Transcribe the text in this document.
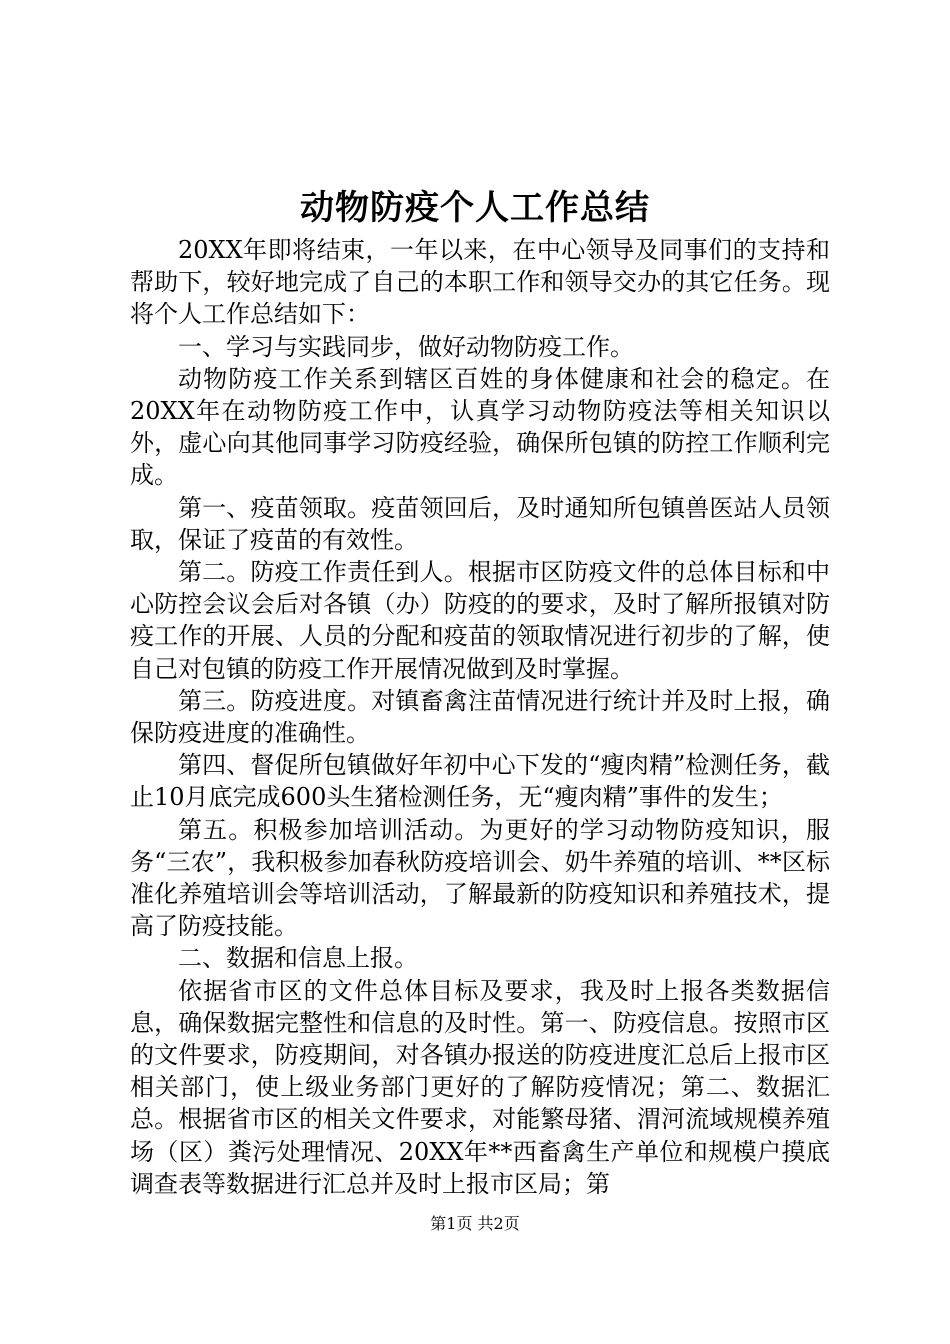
动物防疫个人工作总结

20XX年即将结束，一年以来，在中心领导及同事们的支持和帮助下，较好地完成了自己的本职工作和领导交办的其它任务。现将个人工作总结如下：

一、学习与实践同步，做好动物防疫工作。

动物防疫工作关系到辖区百姓的身体健康和社会的稳定。在20XX年在动物防疫工作中，认真学习动物防疫法等相关知识以外，虚心向其他同事学习防疫经验，确保所包镇的防控工作顺利完成。

第一、疫苗领取。疫苗领回后，及时通知所包镇兽医站人员领取，保证了疫苗的有效性。

第二。防疫工作责任到人。根据市区防疫文件的总体目标和中心防控会议会后对各镇（办）防疫的的要求，及时了解所报镇对防疫工作的开展、人员的分配和疫苗的领取情况进行初步的了解，使自己对包镇的防疫工作开展情况做到及时掌握。

第三。防疫进度。对镇畜禽注苗情况进行统计并及时上报，确保防疫进度的准确性。

第四、督促所包镇做好年初中心下发的“瘦肉精”检测任务，截止10月底完成600头生猪检测任务，无“瘦肉精”事件的发生；

第五。积极参加培训活动。为更好的学习动物防疫知识，服务“三农”，我积极参加春秋防疫培训会、奶牛养殖的培训、**区标准化养殖培训会等培训活动，了解最新的防疫知识和养殖技术，提高了防疫技能。

二、数据和信息上报。

依据省市区的文件总体目标及要求，我及时上报各类数据信息，确保数据完整性和信息的及时性。第一、防疫信息。按照市区的文件要求，防疫期间，对各镇办报送的防疫进度汇总后上报市区相关部门，使上级业务部门更好的了解防疫情况；第二、数据汇总。根据省市区的相关文件要求，对能繁母猪、渭河流域规模养殖场（区）粪污处理情况、20XX年**西畜禽生产单位和规模户摸底调查表等数据进行汇总并及时上报市区局；第

第1页 共2页
